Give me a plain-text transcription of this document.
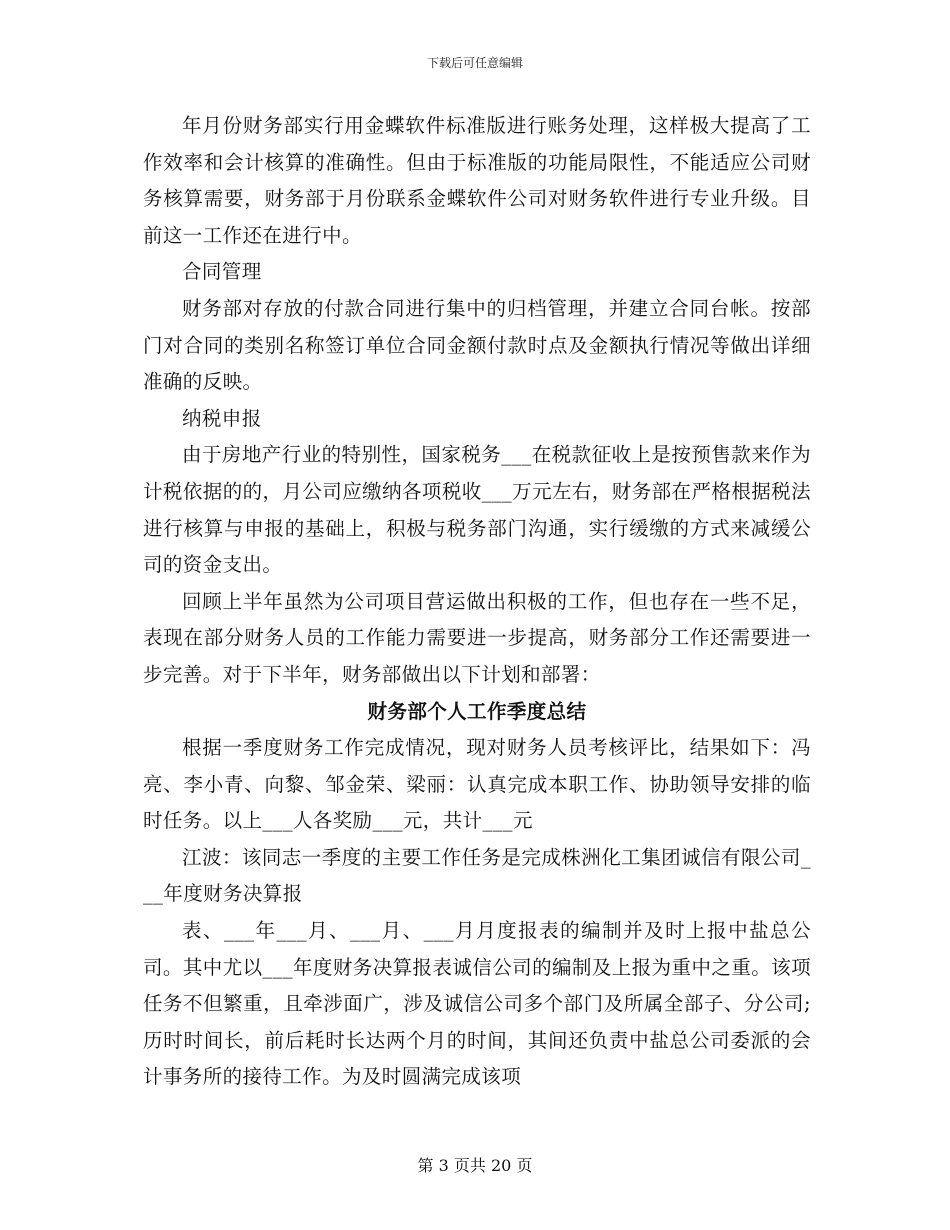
下载后可任意编辑

年月份财务部实行用金蝶软件标准版进行账务处理，这样极大提高了工作效率和会计核算的准确性。但由于标准版的功能局限性，不能适应公司财务核算需要，财务部于月份联系金蝶软件公司对财务软件进行专业升级。目前这一工作还在进行中。

合同管理

财务部对存放的付款合同进行集中的归档管理，并建立合同台帐。按部门对合同的类别名称签订单位合同金额付款时点及金额执行情况等做出详细准确的反映。

纳税申报

由于房地产行业的特别性，国家税务___在税款征收上是按预售款来作为计税依据的的，月公司应缴纳各项税收___万元左右，财务部在严格根据税法进行核算与申报的基础上，积极与税务部门沟通，实行缓缴的方式来减缓公司的资金支出。

回顾上半年虽然为公司项目营运做出积极的工作，但也存在一些不足，表现在部分财务人员的工作能力需要进一步提高，财务部分工作还需要进一步完善。对于下半年，财务部做出以下计划和部署：

财务部个人工作季度总结

根据一季度财务工作完成情况，现对财务人员考核评比，结果如下：冯亮、李小青、向黎、邹金荣、梁丽：认真完成本职工作、协助领导安排的临时任务。以上___人各奖励___元，共计___元

江波：该同志一季度的主要工作任务是完成株洲化工集团诚信有限公司___年度财务决算报

表、___年___月、___月、___月月度报表的编制并及时上报中盐总公司。其中尤以___年度财务决算报表诚信公司的编制及上报为重中之重。该项任务不但繁重，且牵涉面广，涉及诚信公司多个部门及所属全部子、分公司;历时时间长，前后耗时长达两个月的时间，其间还负责中盐总公司委派的会计事务所的接待工作。为及时圆满完成该项

第 3 页共 20 页
